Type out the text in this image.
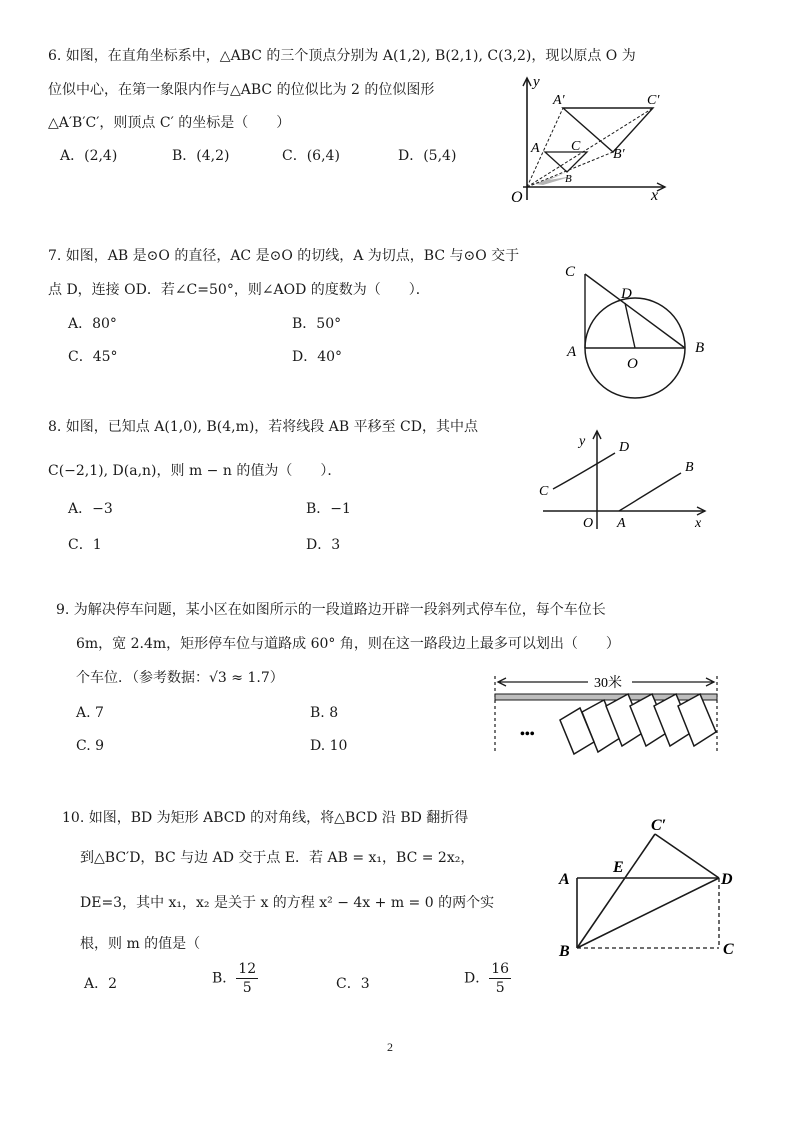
6. 如图，在直角坐标系中，△ABC 的三个顶点分别为 A(1,2), B(2,1), C(3,2)，现以原点 O 为
位似中心，在第一象限内作与△ABC 的位似比为 2 的位似图形
△A′B′C′，则顶点 C′ 的坐标是（　　）
A．(2,4)	B．(4,2)	C．(6,4)	D．(5,4)
y
x
O
A′	C′
B′
A C
B
7. 如图，AB 是⊙O 的直径，AC 是⊙O 的切线，A 为切点，BC 与⊙O 交于
点 D，连接 OD．若∠C=50°，则∠AOD 的度数为（　　）．
A．80°	B．50°
C．45°	D．40°
C
D
A
O
B
8. 如图，已知点 A(1,0), B(4,m)，若将线段 AB 平移至 CD，其中点
C(−2,1), D(a,n)，则 m − n 的值为（　　）．
A．−3	B．−1
C．1	D．3
y D
B
C
O A	x
9. 为解决停车问题，某小区在如图所示的一段道路边开辟一段斜列式停车位，每个车位长
6m，宽 2.4m，矩形停车位与道路成 60° 角，则在这一路段边上最多可以划出（　　）
个车位．（参考数据：√3 ≈ 1.7）
A. 7	B. 8
C. 9	D. 10
30米
•••
10. 如图，BD 为矩形 ABCD 的对角线，将△BCD 沿 BD 翻折得
到△BC′D，BC 与边 AD 交于点 E．若 AB = x₁，BC = 2x₂，
DE=3，其中 x₁，x₂ 是关于 x 的方程 x² − 4x + m = 0 的两个实
根，则 m 的值是（
A．2	B． $\frac{12}{5}$	C．3	D． $\frac{16}{5}$
C′
A
E
D
B	C
2
